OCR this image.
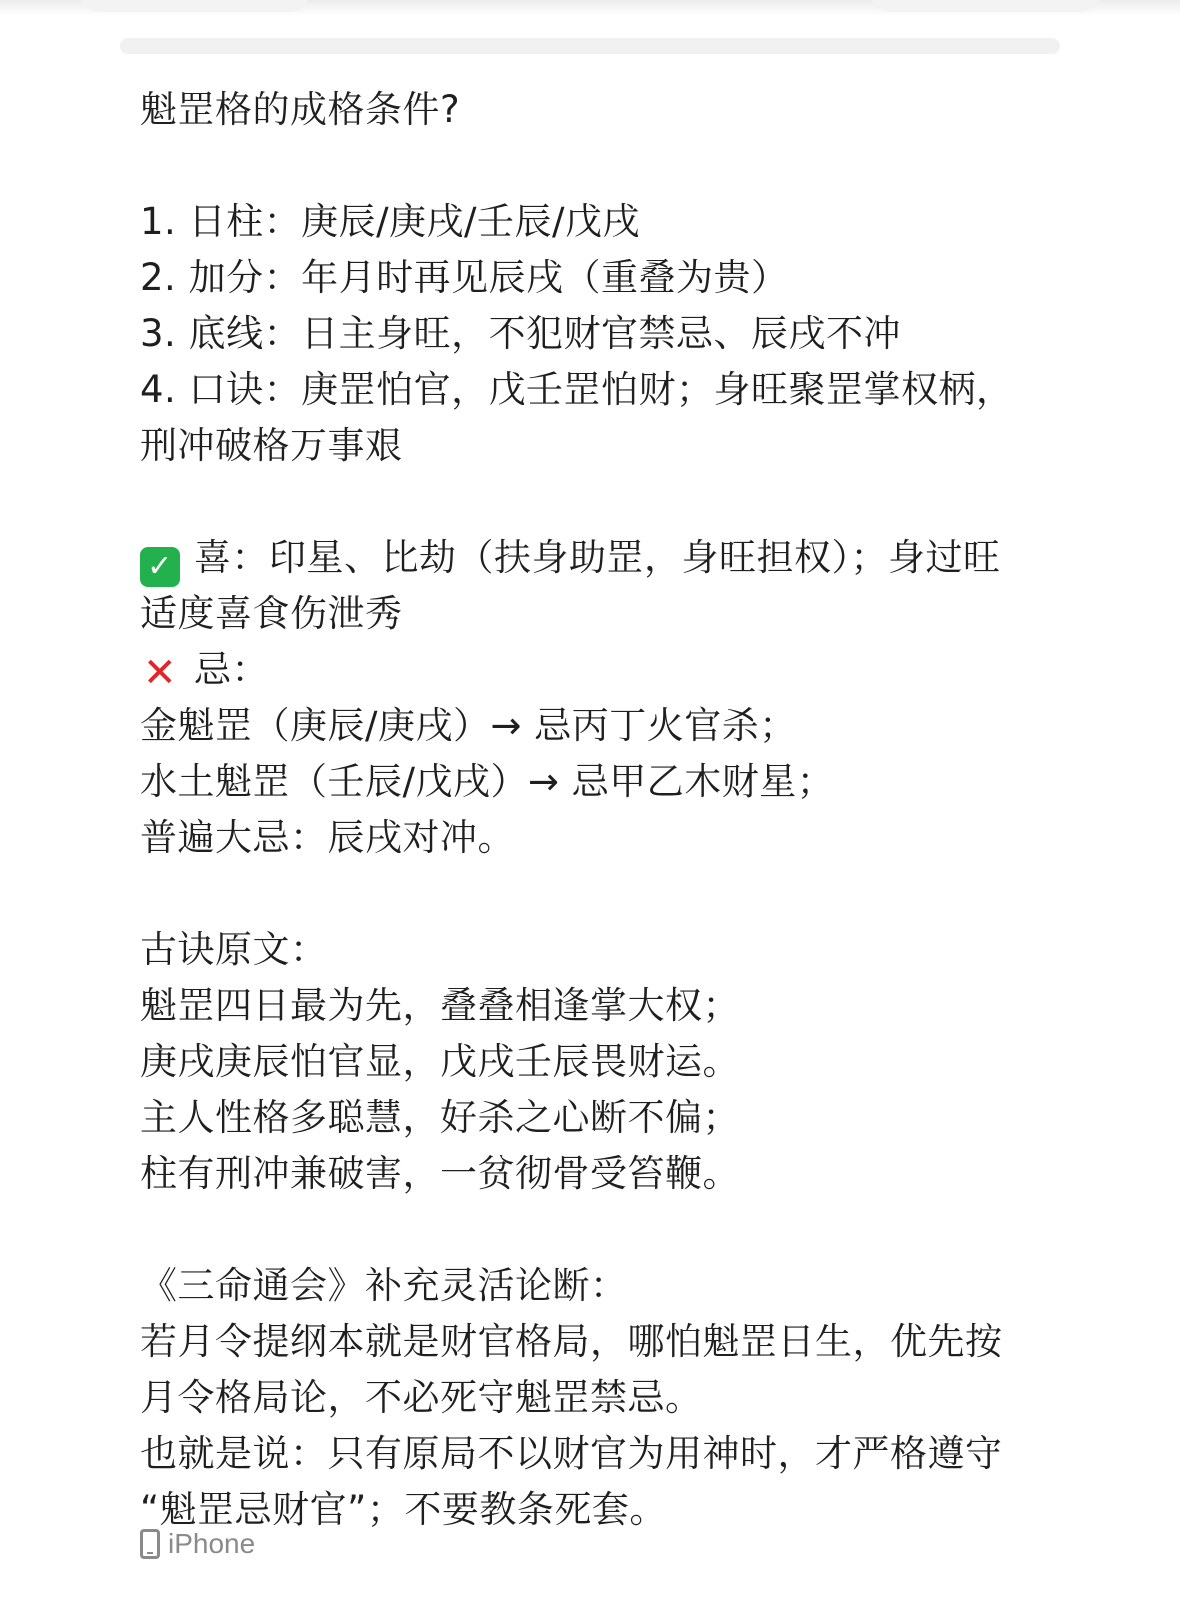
魁罡格的成格条件?
1. 日柱：庚辰/庚戌/壬辰/戊戌
2. 加分：年月时再见辰戌（重叠为贵）
3. 底线：日主身旺，不犯财官禁忌、辰戌不冲
4. 口诀：庚罡怕官，戊壬罡怕财；身旺聚罡掌权柄，
刑冲破格万事艰
✓ 喜：印星、比劫（扶身助罡，身旺担权）；身过旺
适度喜食伤泄秀
✕ 忌：
金魁罡（庚辰/庚戌）→ 忌丙丁火官杀；
水土魁罡（壬辰/戊戌）→ 忌甲乙木财星；
普遍大忌：辰戌对冲。
古诀原文：
魁罡四日最为先，叠叠相逢掌大权；
庚戌庚辰怕官显，戊戌壬辰畏财运。
主人性格多聪慧，好杀之心断不偏；
柱有刑冲兼破害，一贫彻骨受笞鞭。
《三命通会》补充灵活论断：
若月令提纲本就是财官格局，哪怕魁罡日生，优先按
月令格局论，不必死守魁罡禁忌。
也就是说：只有原局不以财官为用神时，才严格遵守
“魁罡忌财官”；不要教条死套。
iPhone
